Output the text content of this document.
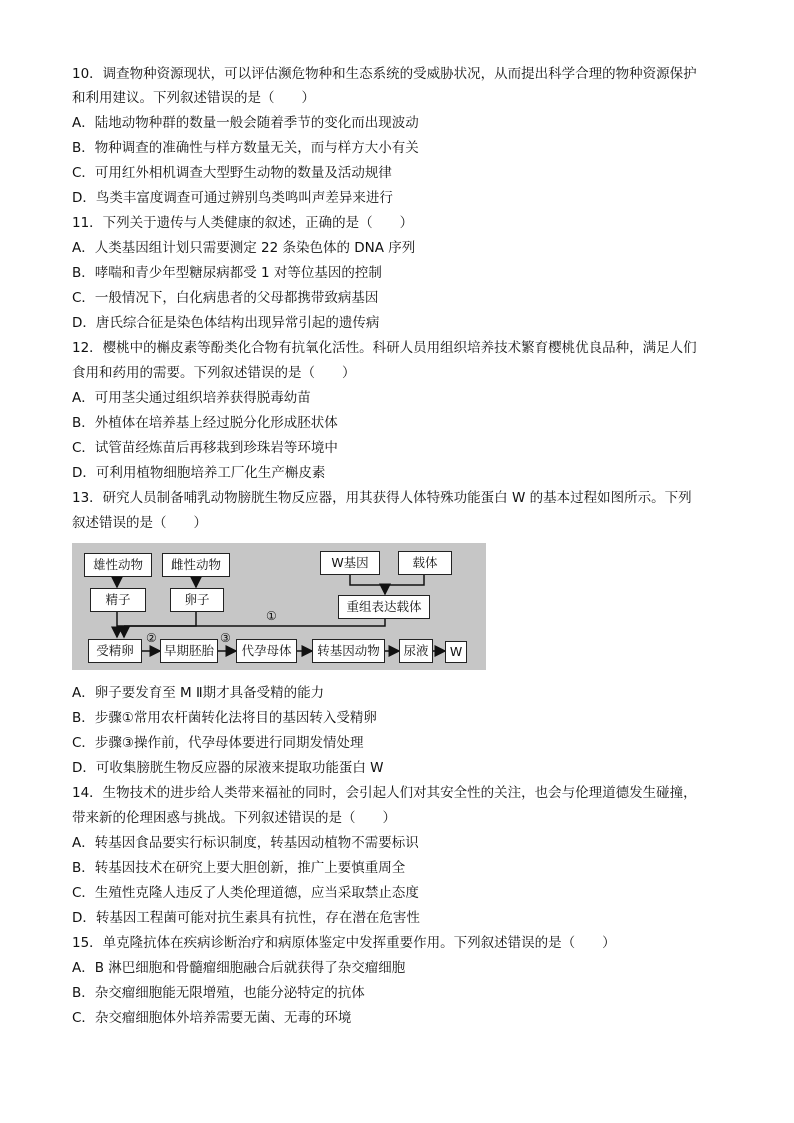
10．调查物种资源现状，可以评估濒危物种和生态系统的受威胁状况，从而提出科学合理的物种资源保护
和利用建议。下列叙述错误的是（　　）
A．陆地动物种群的数量一般会随着季节的变化而出现波动
B．物种调查的准确性与样方数量无关，而与样方大小有关
C．可用红外相机调查大型野生动物的数量及活动规律
D．鸟类丰富度调查可通过辨别鸟类鸣叫声差异来进行
11．下列关于遗传与人类健康的叙述，正确的是（　　）
A．人类基因组计划只需要测定 22 条染色体的 DNA 序列
B．哮喘和青少年型糖尿病都受 1 对等位基因的控制
C．一般情况下，白化病患者的父母都携带致病基因
D．唐氏综合征是染色体结构出现异常引起的遗传病
12．樱桃中的槲皮素等酚类化合物有抗氧化活性。科研人员用组织培养技术繁育樱桃优良品种，满足人们
食用和药用的需要。下列叙述错误的是（　　）
A．可用茎尖通过组织培养获得脱毒幼苗
B．外植体在培养基上经过脱分化形成胚状体
C．试管苗经炼苗后再移栽到珍珠岩等环境中
D．可利用植物细胞培养工厂化生产槲皮素
13．研究人员制备哺乳动物膀胱生物反应器，用其获得人体特殊功能蛋白 W 的基本过程如图所示。下列
叙述错误的是（　　）
雄性动物	雌性动物	W基因	载体
精子	卵子	重组表达载体
受精卵	早期胚胎	代孕母体	转基因动物	尿液	W
①
②	③
A．卵子要发育至 M Ⅱ期才具备受精的能力
B．步骤①常用农杆菌转化法将目的基因转入受精卵
C．步骤③操作前，代孕母体要进行同期发情处理
D．可收集膀胱生物反应器的尿液来提取功能蛋白 W
14．生物技术的进步给人类带来福祉的同时，会引起人们对其安全性的关注，也会与伦理道德发生碰撞，
带来新的伦理困惑与挑战。下列叙述错误的是（　　）
A．转基因食品要实行标识制度，转基因动植物不需要标识
B．转基因技术在研究上要大胆创新，推广上要慎重周全
C．生殖性克隆人违反了人类伦理道德，应当采取禁止态度
D．转基因工程菌可能对抗生素具有抗性，存在潜在危害性
15．单克隆抗体在疾病诊断治疗和病原体鉴定中发挥重要作用。下列叙述错误的是（　　）
A．B 淋巴细胞和骨髓瘤细胞融合后就获得了杂交瘤细胞
B．杂交瘤细胞能无限增殖，也能分泌特定的抗体
C．杂交瘤细胞体外培养需要无菌、无毒的环境
